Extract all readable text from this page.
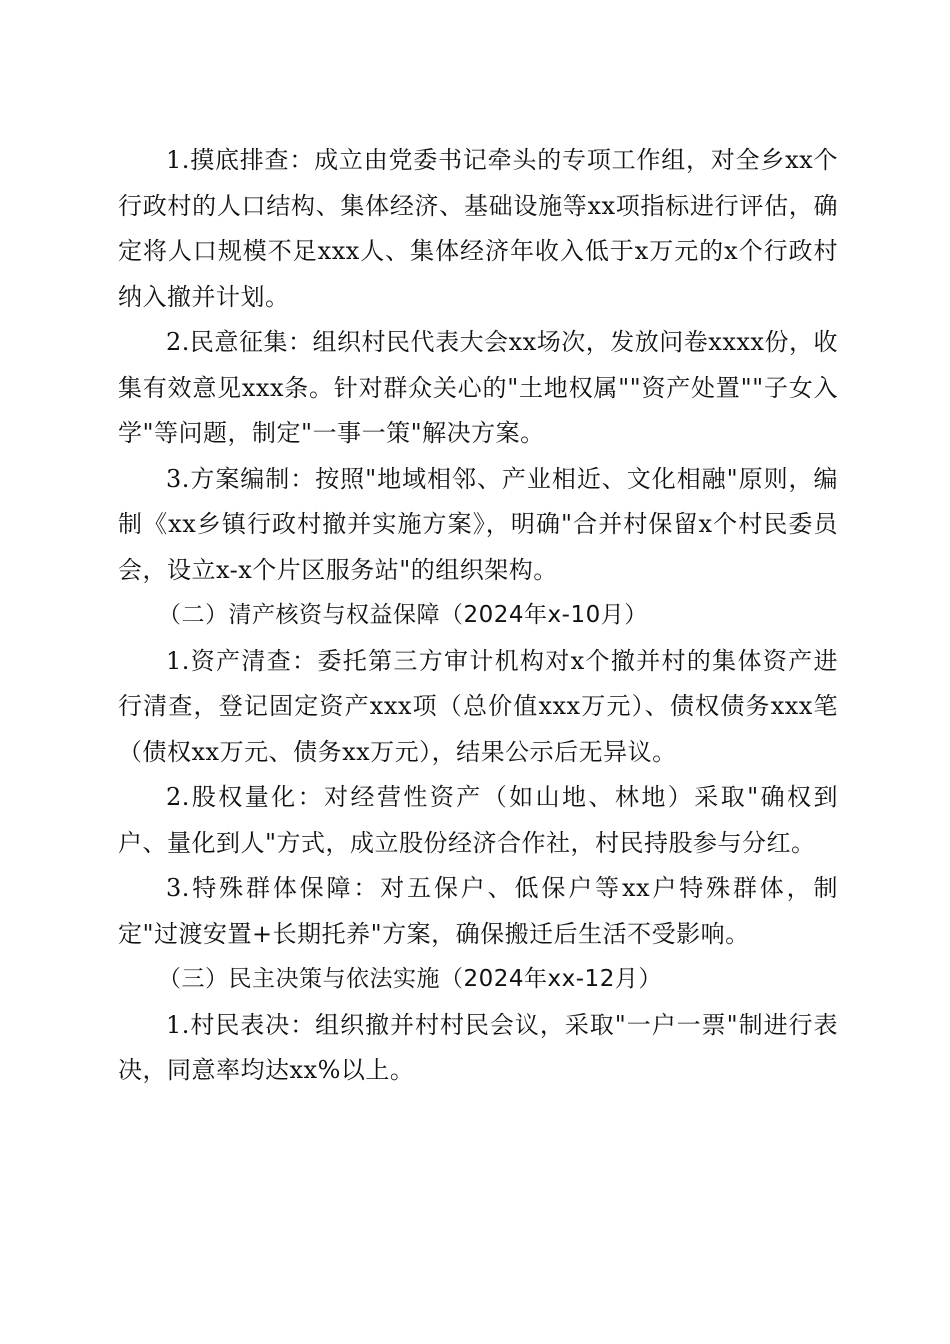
1.摸底排查：成立由党委书记牵头的专项工作组，对全乡xx个行政村的人口结构、集体经济、基础设施等xx项指标进行评估，确定将人口规模不足xxx人、集体经济年收入低于x万元的x个行政村纳入撤并计划。

2.民意征集：组织村民代表大会xx场次，发放问卷xxxx份，收集有效意见xxx条。针对群众关心的"土地权属""资产处置""子女入学"等问题，制定"一事一策"解决方案。

3.方案编制：按照"地域相邻、产业相近、文化相融"原则，编制《xx乡镇行政村撤并实施方案》，明确"合并村保留x个村民委员会，设立x-x个片区服务站"的组织架构。

（二）清产核资与权益保障（2024年x-10月）

1.资产清查：委托第三方审计机构对x个撤并村的集体资产进行清查，登记固定资产xxx项（总价值xxx万元）、债权债务xxx笔（债权xx万元、债务xx万元），结果公示后无异议。

2.股权量化：对经营性资产（如山地、林地）采取"确权到户、量化到人"方式，成立股份经济合作社，村民持股参与分红。

3.特殊群体保障：对五保户、低保户等xx户特殊群体，制定"过渡安置+长期托养"方案，确保搬迁后生活不受影响。

（三）民主决策与依法实施（2024年xx-12月）

1.村民表决：组织撤并村村民会议，采取"一户一票"制进行表决，同意率均达xx%以上。
